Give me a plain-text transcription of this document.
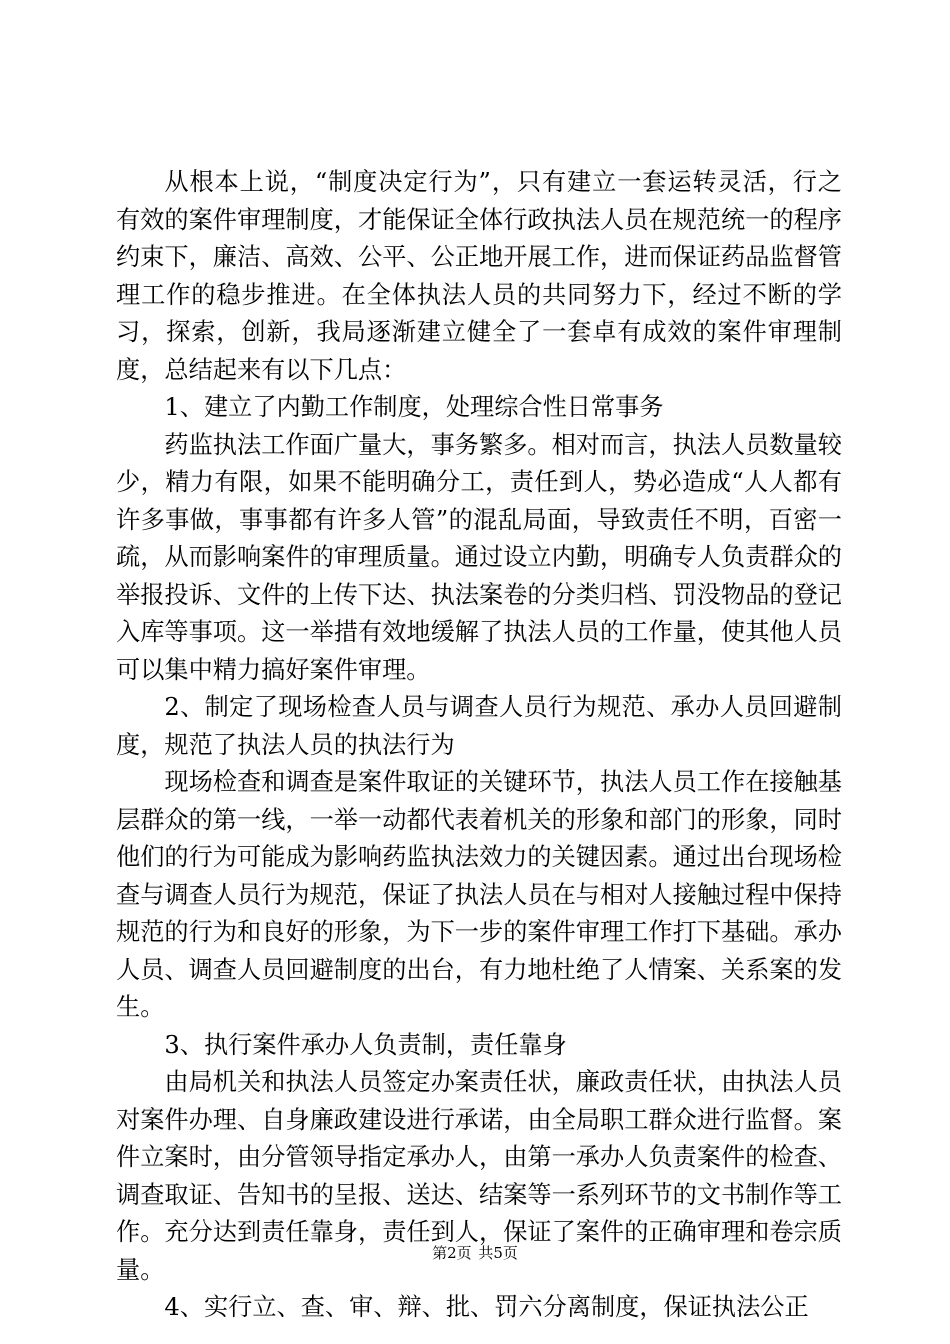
从根本上说，“制度决定行为”，只有建立一套运转灵活，行之有效的案件审理制度，才能保证全体行政执法人员在规范统一的程序约束下，廉洁、高效、公平、公正地开展工作，进而保证药品监督管理工作的稳步推进。在全体执法人员的共同努力下，经过不断的学习，探索，创新，我局逐渐建立健全了一套卓有成效的案件审理制度，总结起来有以下几点：

1、建立了内勤工作制度，处理综合性日常事务

药监执法工作面广量大，事务繁多。相对而言，执法人员数量较少，精力有限，如果不能明确分工，责任到人，势必造成“人人都有许多事做，事事都有许多人管”的混乱局面，导致责任不明，百密一疏，从而影响案件的审理质量。通过设立内勤，明确专人负责群众的举报投诉、文件的上传下达、执法案卷的分类归档、罚没物品的登记入库等事项。这一举措有效地缓解了执法人员的工作量，使其他人员可以集中精力搞好案件审理。

2、制定了现场检查人员与调查人员行为规范、承办人员回避制度，规范了执法人员的执法行为

现场检查和调查是案件取证的关键环节，执法人员工作在接触基层群众的第一线，一举一动都代表着机关的形象和部门的形象，同时他们的行为可能成为影响药监执法效力的关键因素。通过出台现场检查与调查人员行为规范，保证了执法人员在与相对人接触过程中保持规范的行为和良好的形象，为下一步的案件审理工作打下基础。承办人员、调查人员回避制度的出台，有力地杜绝了人情案、关系案的发生。

3、执行案件承办人负责制，责任靠身

由局机关和执法人员签定办案责任状，廉政责任状，由执法人员对案件办理、自身廉政建设进行承诺，由全局职工群众进行监督。案件立案时，由分管领导指定承办人，由第一承办人负责案件的检查、调查取证、告知书的呈报、送达、结案等一系列环节的文书制作等工作。充分达到责任靠身，责任到人，保证了案件的正确审理和卷宗质量。

4、实行立、查、审、辩、批、罚六分离制度，保证执法公正

第2页 共5页
